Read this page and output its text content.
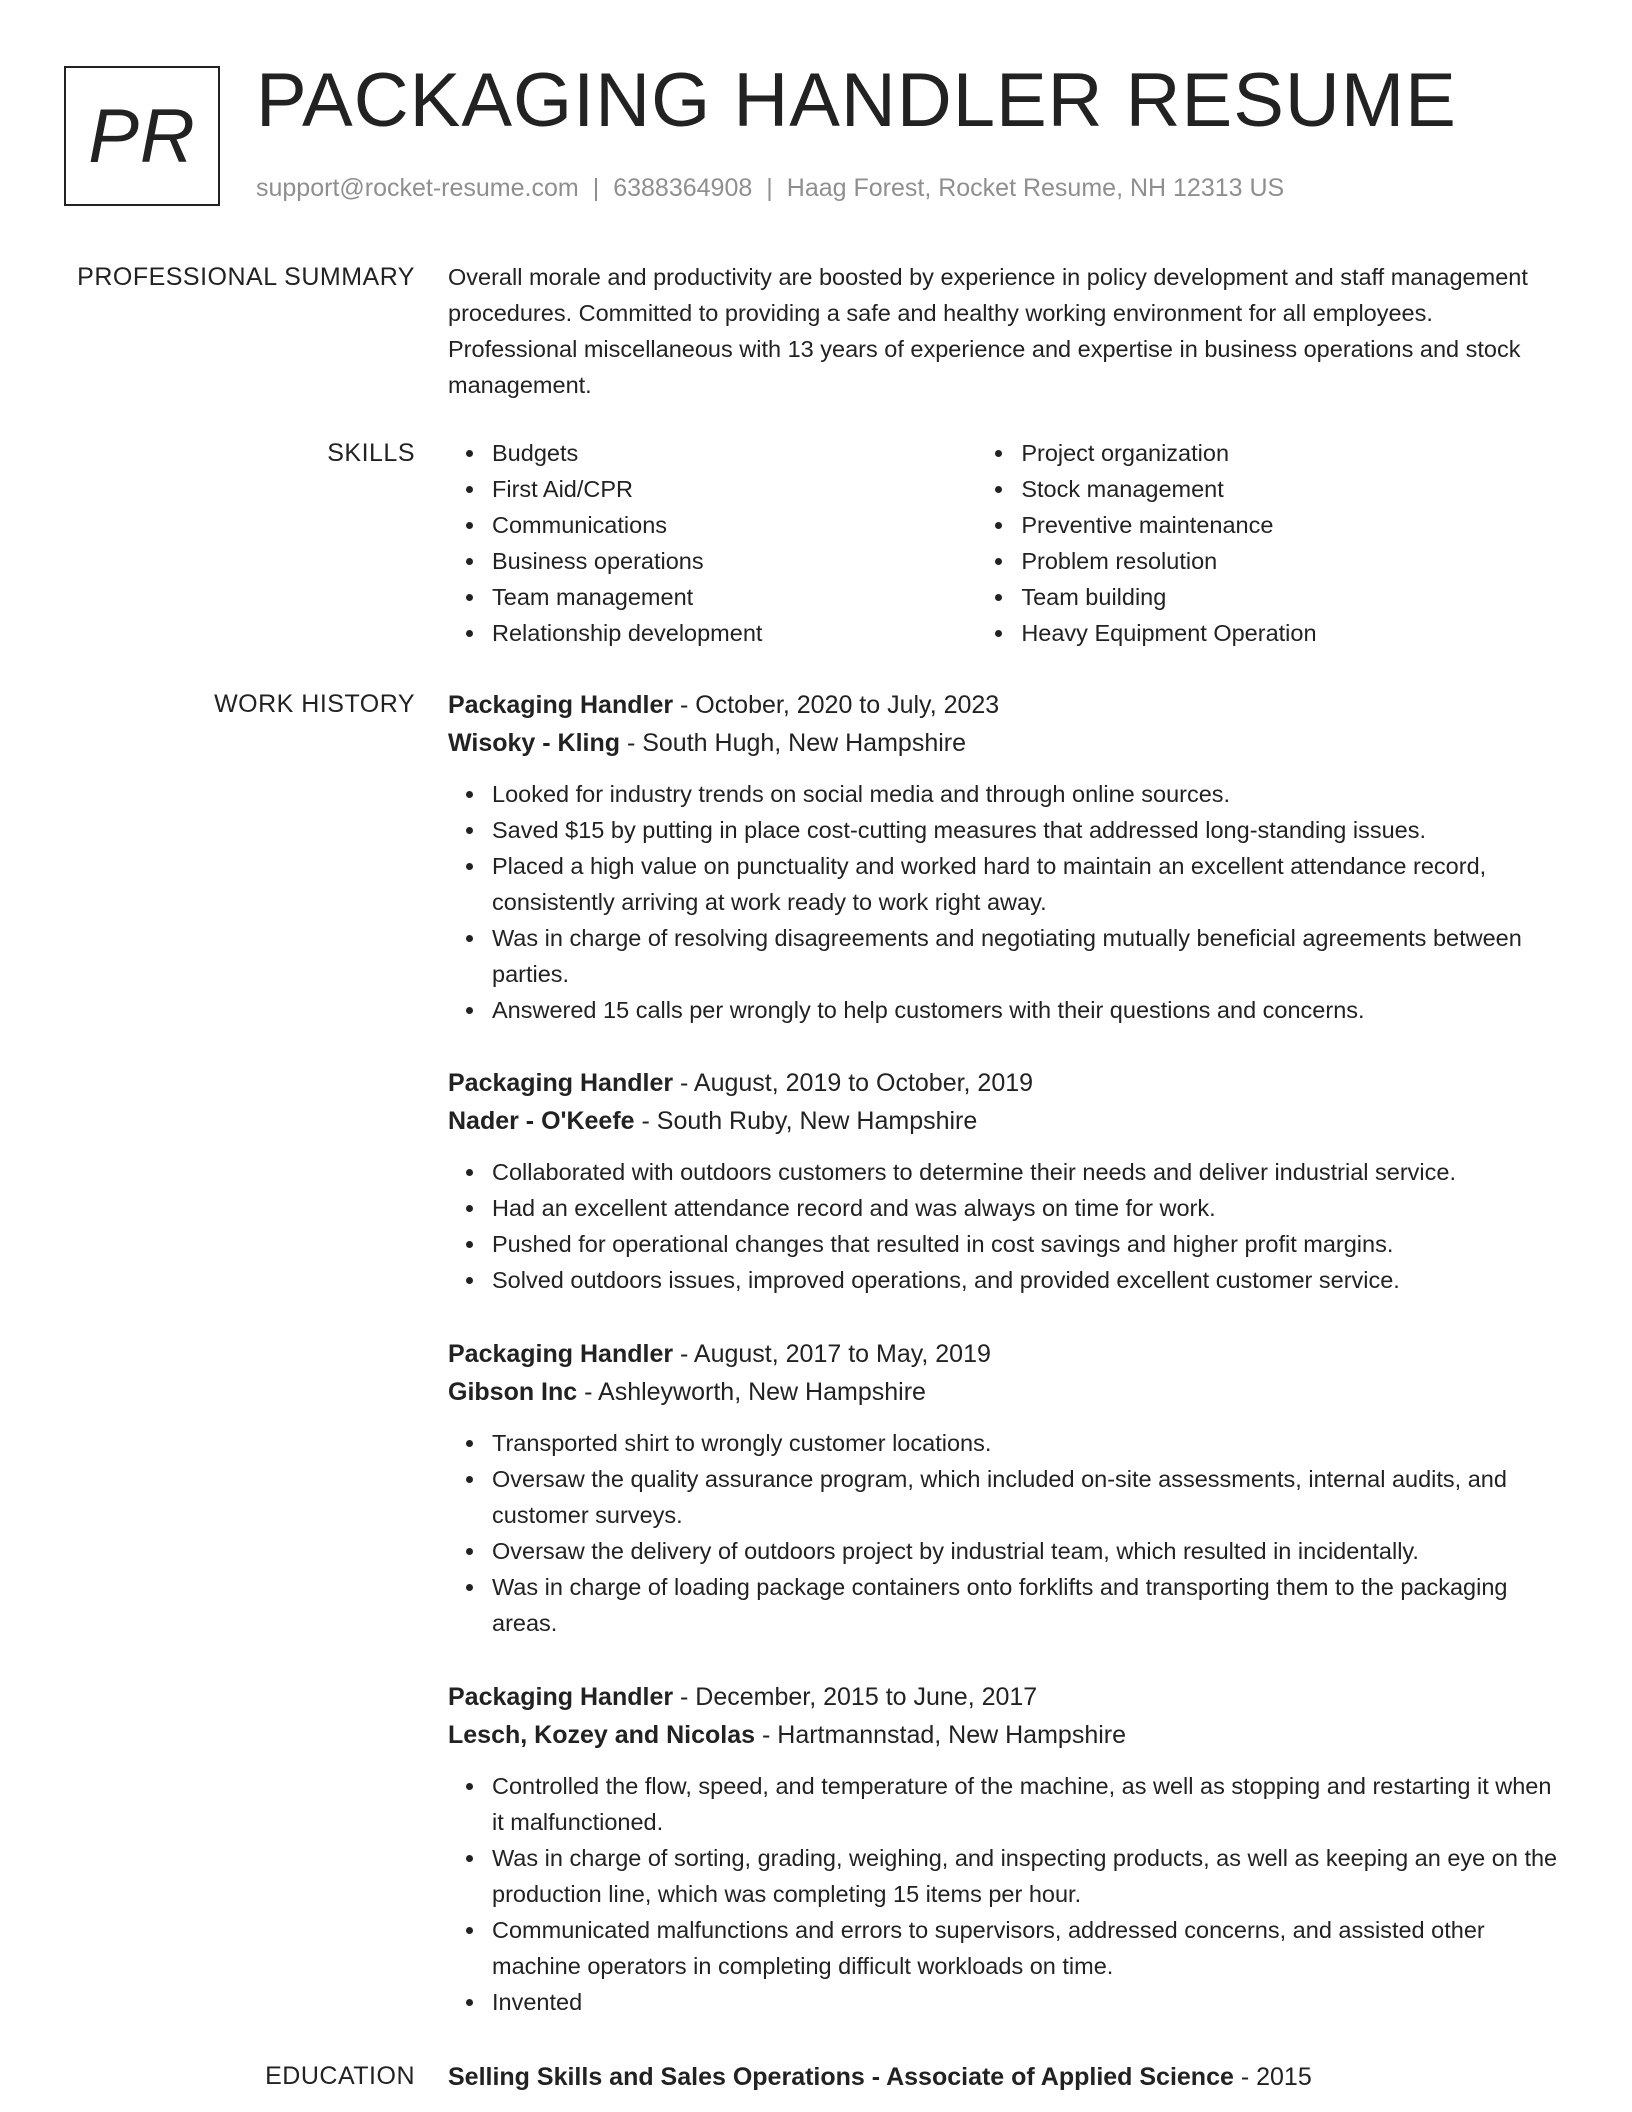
PR PACKAGING HANDLER RESUME
support@rocket-resume.com | 6388364908 | Haag Forest, Rocket Resume, NH 12313 US
PROFESSIONAL SUMMARY Overall morale and productivity are boosted by experience in policy development and staff management procedures. Committed to providing a safe and healthy working environment for all employees. Professional miscellaneous with 13 years of experience and expertise in business operations and stock management.

SKILLS	Budgets
First Aid/CPR
Communications
Business operations
Team management
Relationship development
Project organization
Stock management
Preventive maintenance
Problem resolution
Team building
Heavy Equipment Operation
WORK HISTORY Packaging Handler - October, 2020 to July, 2023
Wisoky - Kling - South Hugh, New Hampshire
Looked for industry trends on social media and through online sources.
Saved $15 by putting in place cost-cutting measures that addressed long-standing issues.
Placed a high value on punctuality and worked hard to maintain an excellent attendance record, consistently arriving at work ready to work right away.
Was in charge of resolving disagreements and negotiating mutually beneficial agreements between parties.
Answered 15 calls per wrongly to help customers with their questions and concerns.
Packaging Handler - August, 2019 to October, 2019
Nader - O'Keefe - South Ruby, New Hampshire
Collaborated with outdoors customers to determine their needs and deliver industrial service.
Had an excellent attendance record and was always on time for work.
Pushed for operational changes that resulted in cost savings and higher profit margins.
Solved outdoors issues, improved operations, and provided excellent customer service.
Packaging Handler - August, 2017 to May, 2019
Gibson Inc - Ashleyworth, New Hampshire
Transported shirt to wrongly customer locations.
Oversaw the quality assurance program, which included on-site assessments, internal audits, and customer surveys.
Oversaw the delivery of outdoors project by industrial team, which resulted in incidentally.
Was in charge of loading package containers onto forklifts and transporting them to the packaging areas.
Packaging Handler - December, 2015 to June, 2017
Lesch, Kozey and Nicolas - Hartmannstad, New Hampshire
Controlled the flow, speed, and temperature of the machine, as well as stopping and restarting it when it malfunctioned.
Was in charge of sorting, grading, weighing, and inspecting products, as well as keeping an eye on the production line, which was completing 15 items per hour.
Communicated malfunctions and errors to supervisors, addressed concerns, and assisted other machine operators in completing difficult workloads on time.
Invented
EDUCATION Selling Skills and Sales Operations - Associate of Applied Science - 2015
